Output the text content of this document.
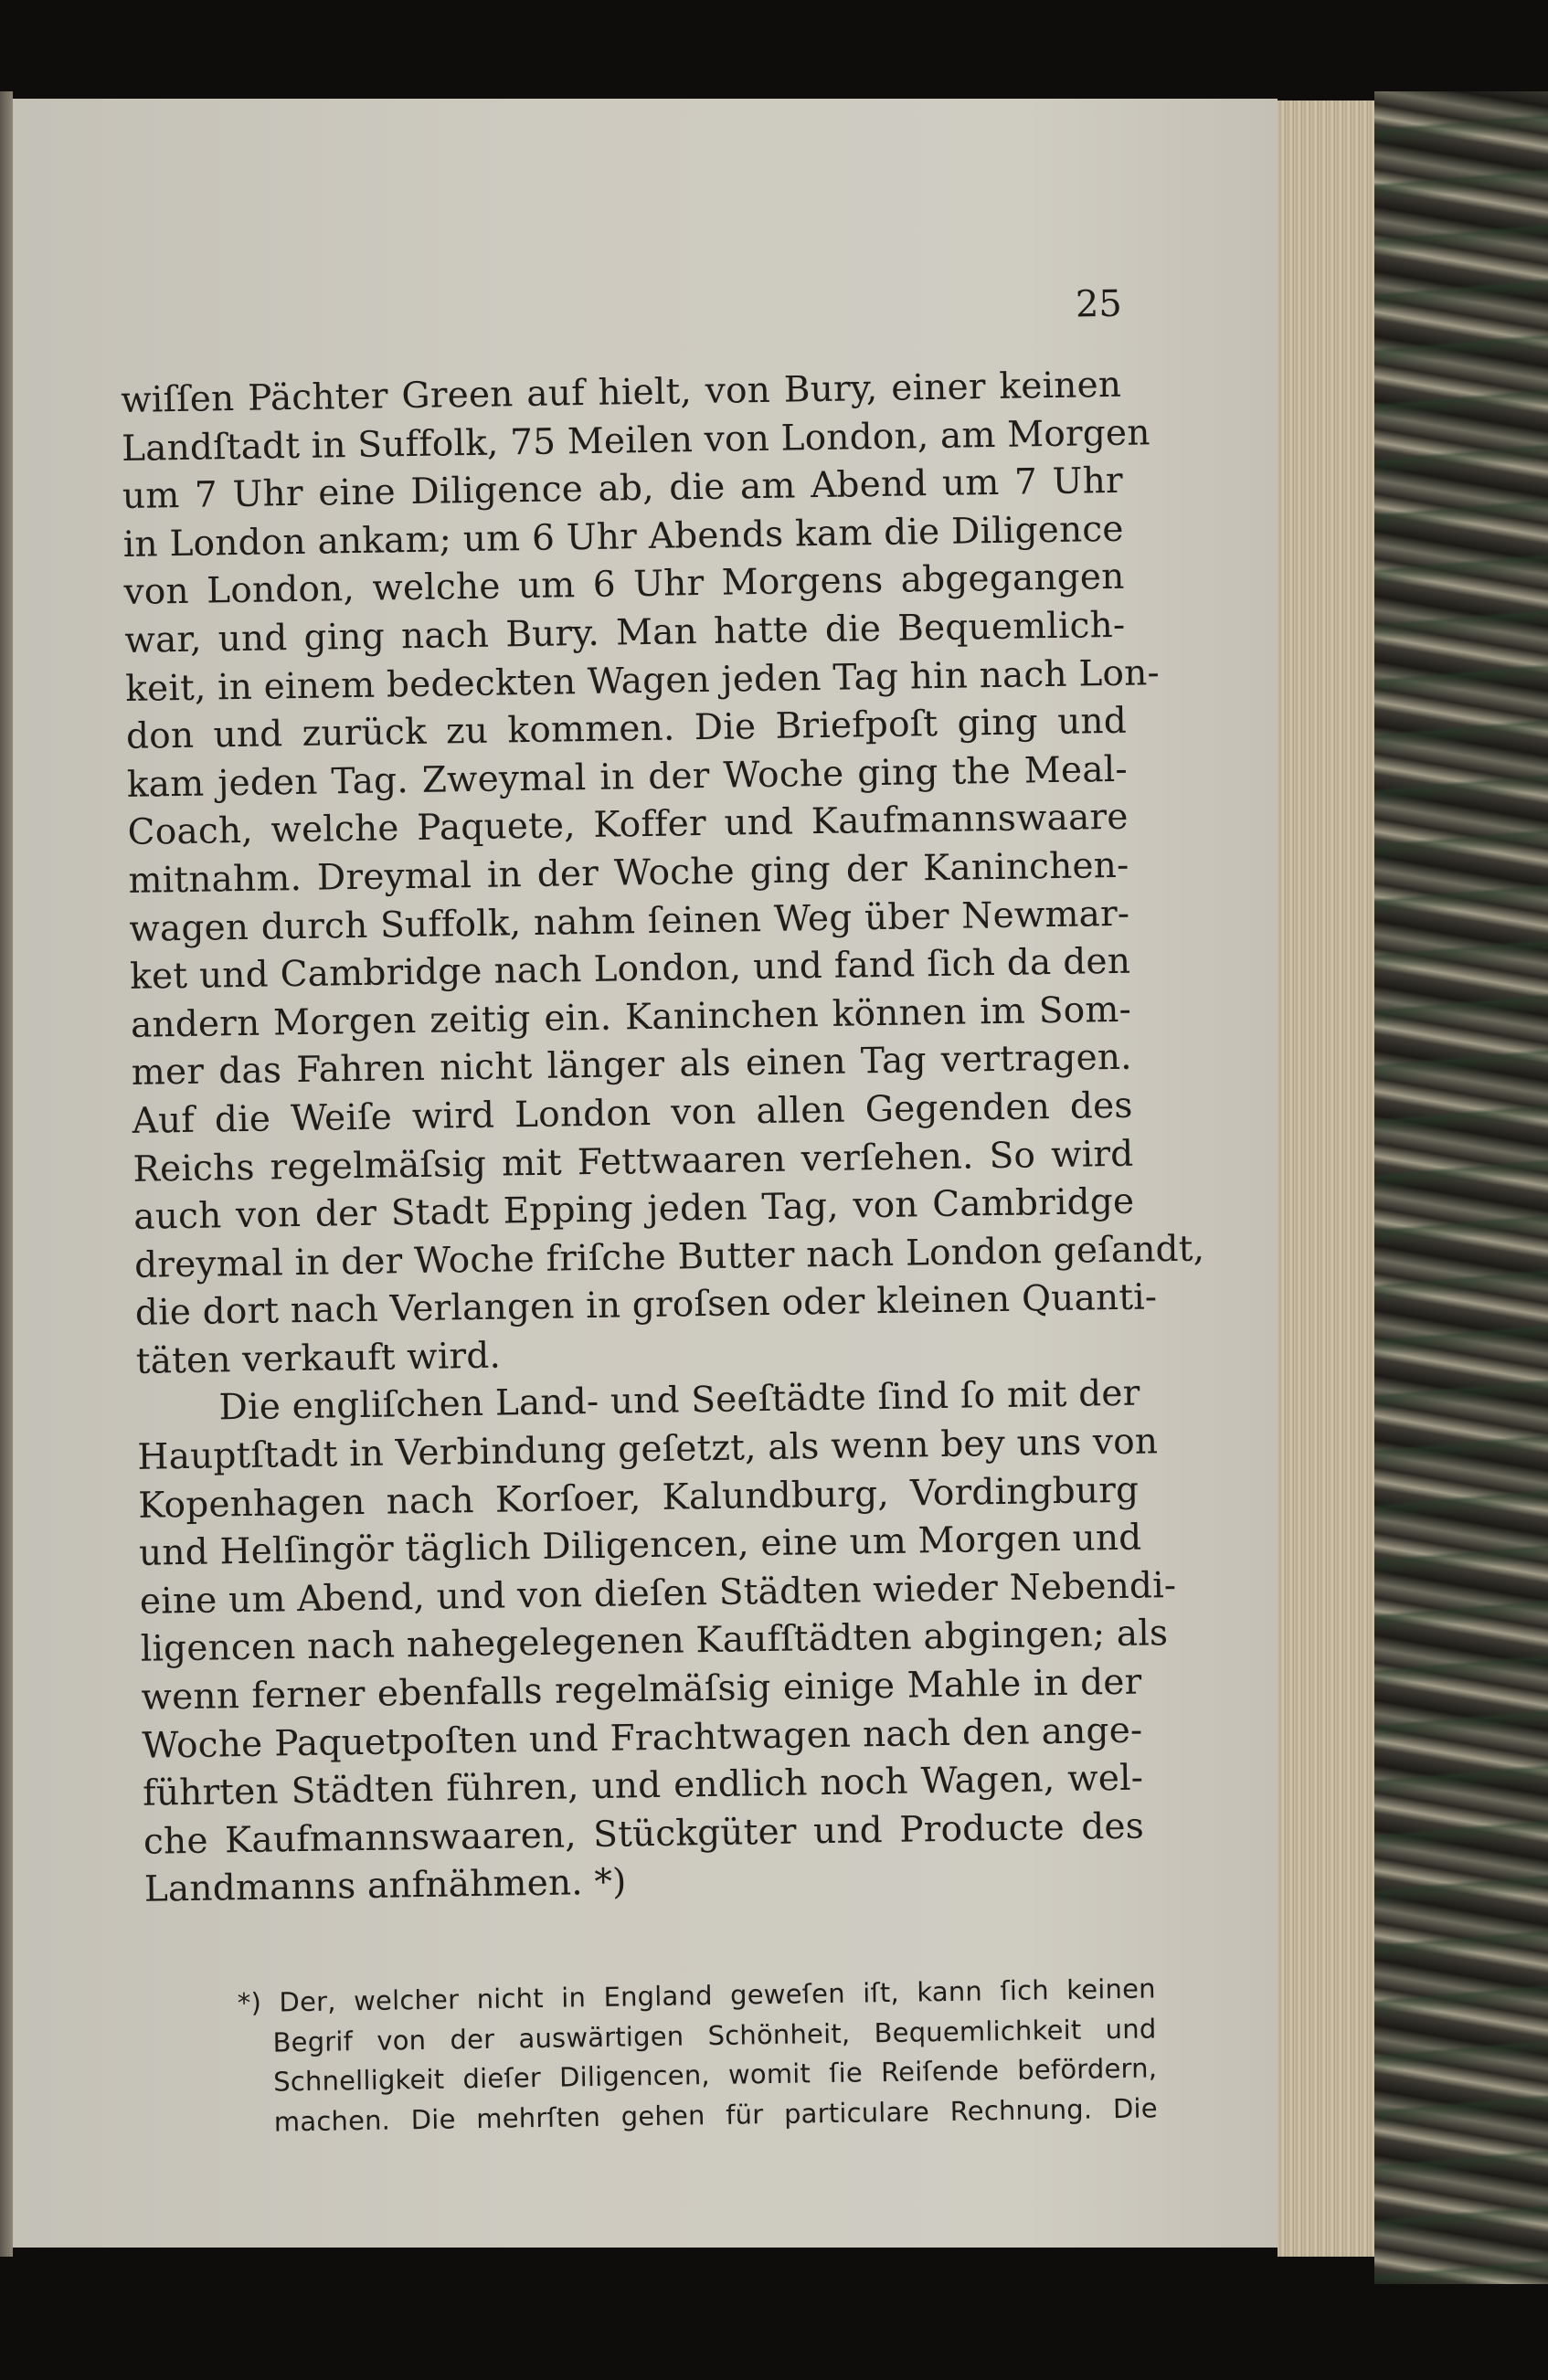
25
wiſſen Pächter Green auf hielt, von Bury, einer keinen
Landſtadt in Suffolk, 75 Meilen von London, am Morgen
um 7 Uhr eine Diligence ab, die am Abend um 7 Uhr
in London ankam; um 6 Uhr Abends kam die Diligence
von London, welche um 6 Uhr Morgens abgegangen
war, und ging nach Bury. Man hatte die Bequemlich-
keit, in einem bedeckten Wagen jeden Tag hin nach Lon-
don und zurück zu kommen. Die Briefpoſt ging und
kam jeden Tag. Zweymal in der Woche ging the Meal-
Coach, welche Paquete, Koffer und Kaufmannswaare
mitnahm. Dreymal in der Woche ging der Kaninchen-
wagen durch Suffolk, nahm ſeinen Weg über Newmar-
ket und Cambridge nach London, und fand ſich da den
andern Morgen zeitig ein. Kaninchen können im Som-
mer das Fahren nicht länger als einen Tag vertragen.
Auf die Weiſe wird London von allen Gegenden des
Reichs regelmäſsig mit Fettwaaren verſehen. So wird
auch von der Stadt Epping jeden Tag, von Cambridge
dreymal in der Woche friſche Butter nach London geſandt,
die dort nach Verlangen in groſsen oder kleinen Quanti-
täten verkauft wird.
Die engliſchen Land- und Seeſtädte ſind ſo mit der
Hauptſtadt in Verbindung geſetzt, als wenn bey uns von
Kopenhagen nach Korſoer, Kalundburg, Vordingburg
und Helſingör täglich Diligencen, eine um Morgen und
eine um Abend, und von dieſen Städten wieder Nebendi-
ligencen nach nahegelegenen Kaufſtädten abgingen; als
wenn ferner ebenfalls regelmäſsig einige Mahle in der
Woche Paquetpoſten und Frachtwagen nach den ange-
führten Städten führen, und endlich noch Wagen, wel-
che Kaufmannswaaren, Stückgüter und Producte des
Landmanns anfnähmen. *)
*) Der, welcher nicht in England geweſen iſt, kann ſich keinen
Begrif von der auswärtigen Schönheit, Bequemlichkeit und
Schnelligkeit dieſer Diligencen, womit ſie Reiſende befördern,
machen. Die mehrſten gehen für particulare Rechnung. Die
